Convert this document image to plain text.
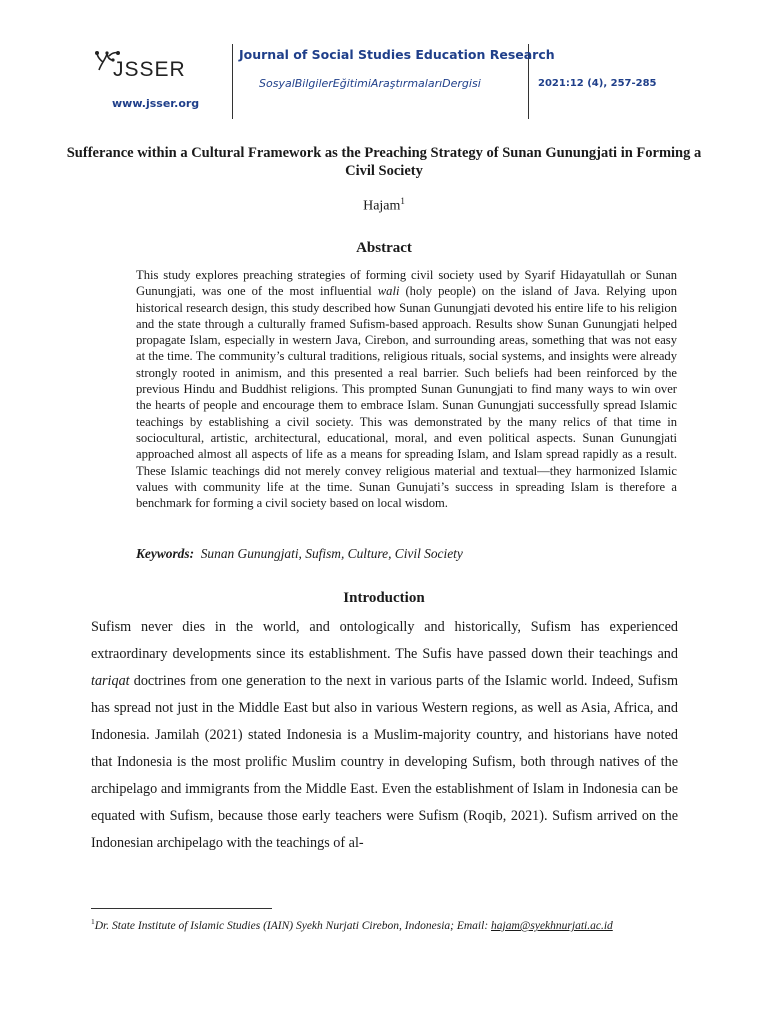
JSSER
www.jsser.org
Journal of Social Studies Education Research
SosyalBilgilerEğitimiAraştırmalarıDergisi	2021:12 (4), 257-285
Sufferance within a Cultural Framework as the Preaching Strategy of Sunan Gunungjati in Forming a Civil Society
Hajam$^1$
Abstract
This study explores preaching strategies of forming civil society used by Syarif Hidayatullah or Sunan Gunungjati, was one of the most influential wali (holy people) on the island of Java. Relying upon historical research design, this study described how Sunan Gunungjati devoted his entire life to his religion and the state through a culturally framed Sufism-based approach. Results show Sunan Gunungjati helped propagate Islam, especially in western Java, Cirebon, and surrounding areas, something that was not easy at the time. The community’s cultural traditions, religious rituals, social systems, and insights were already strongly rooted in animism, and this presented a real barrier. Such beliefs had been reinforced by the previous Hindu and Buddhist religions. This prompted Sunan Gunungjati to find many ways to win over the hearts of people and encourage them to embrace Islam. Sunan Gunungjati successfully spread Islamic teachings by establishing a civil society. This was demonstrated by the many relics of that time in sociocultural, artistic, architectural, educational, moral, and even political aspects. Sunan Gunungjati approached almost all aspects of life as a means for spreading Islam, and Islam spread rapidly as a result. These Islamic teachings did not merely convey religious material and textual—they harmonized Islamic values with community life at the time. Sunan Gunujati’s success in spreading Islam is therefore a benchmark for forming a civil society based on local wisdom.
Keywords: Sunan Gunungjati, Sufism, Culture, Civil Society
Introduction
Sufism never dies in the world, and ontologically and historically, Sufism has experienced extraordinary developments since its establishment. The Sufis have passed down their teachings and tariqat doctrines from one generation to the next in various parts of the Islamic world. Indeed, Sufism has spread not just in the Middle East but also in various Western regions, as well as Asia, Africa, and Indonesia. Jamilah (2021) stated Indonesia is a Muslim-majority country, and historians have noted that Indonesia is the most prolific Muslim country in developing Sufism, both through natives of the archipelago and immigrants from the Middle East. Even the establishment of Islam in Indonesia can be equated with Sufism, because those early teachers were Sufism (Roqib, 2021). Sufism arrived on the Indonesian archipelago with the teachings of al-
$^1$Dr. State Institute of Islamic Studies (IAIN) Syekh Nurjati Cirebon, Indonesia; Email: hajam@syekhnurjati.ac.id
